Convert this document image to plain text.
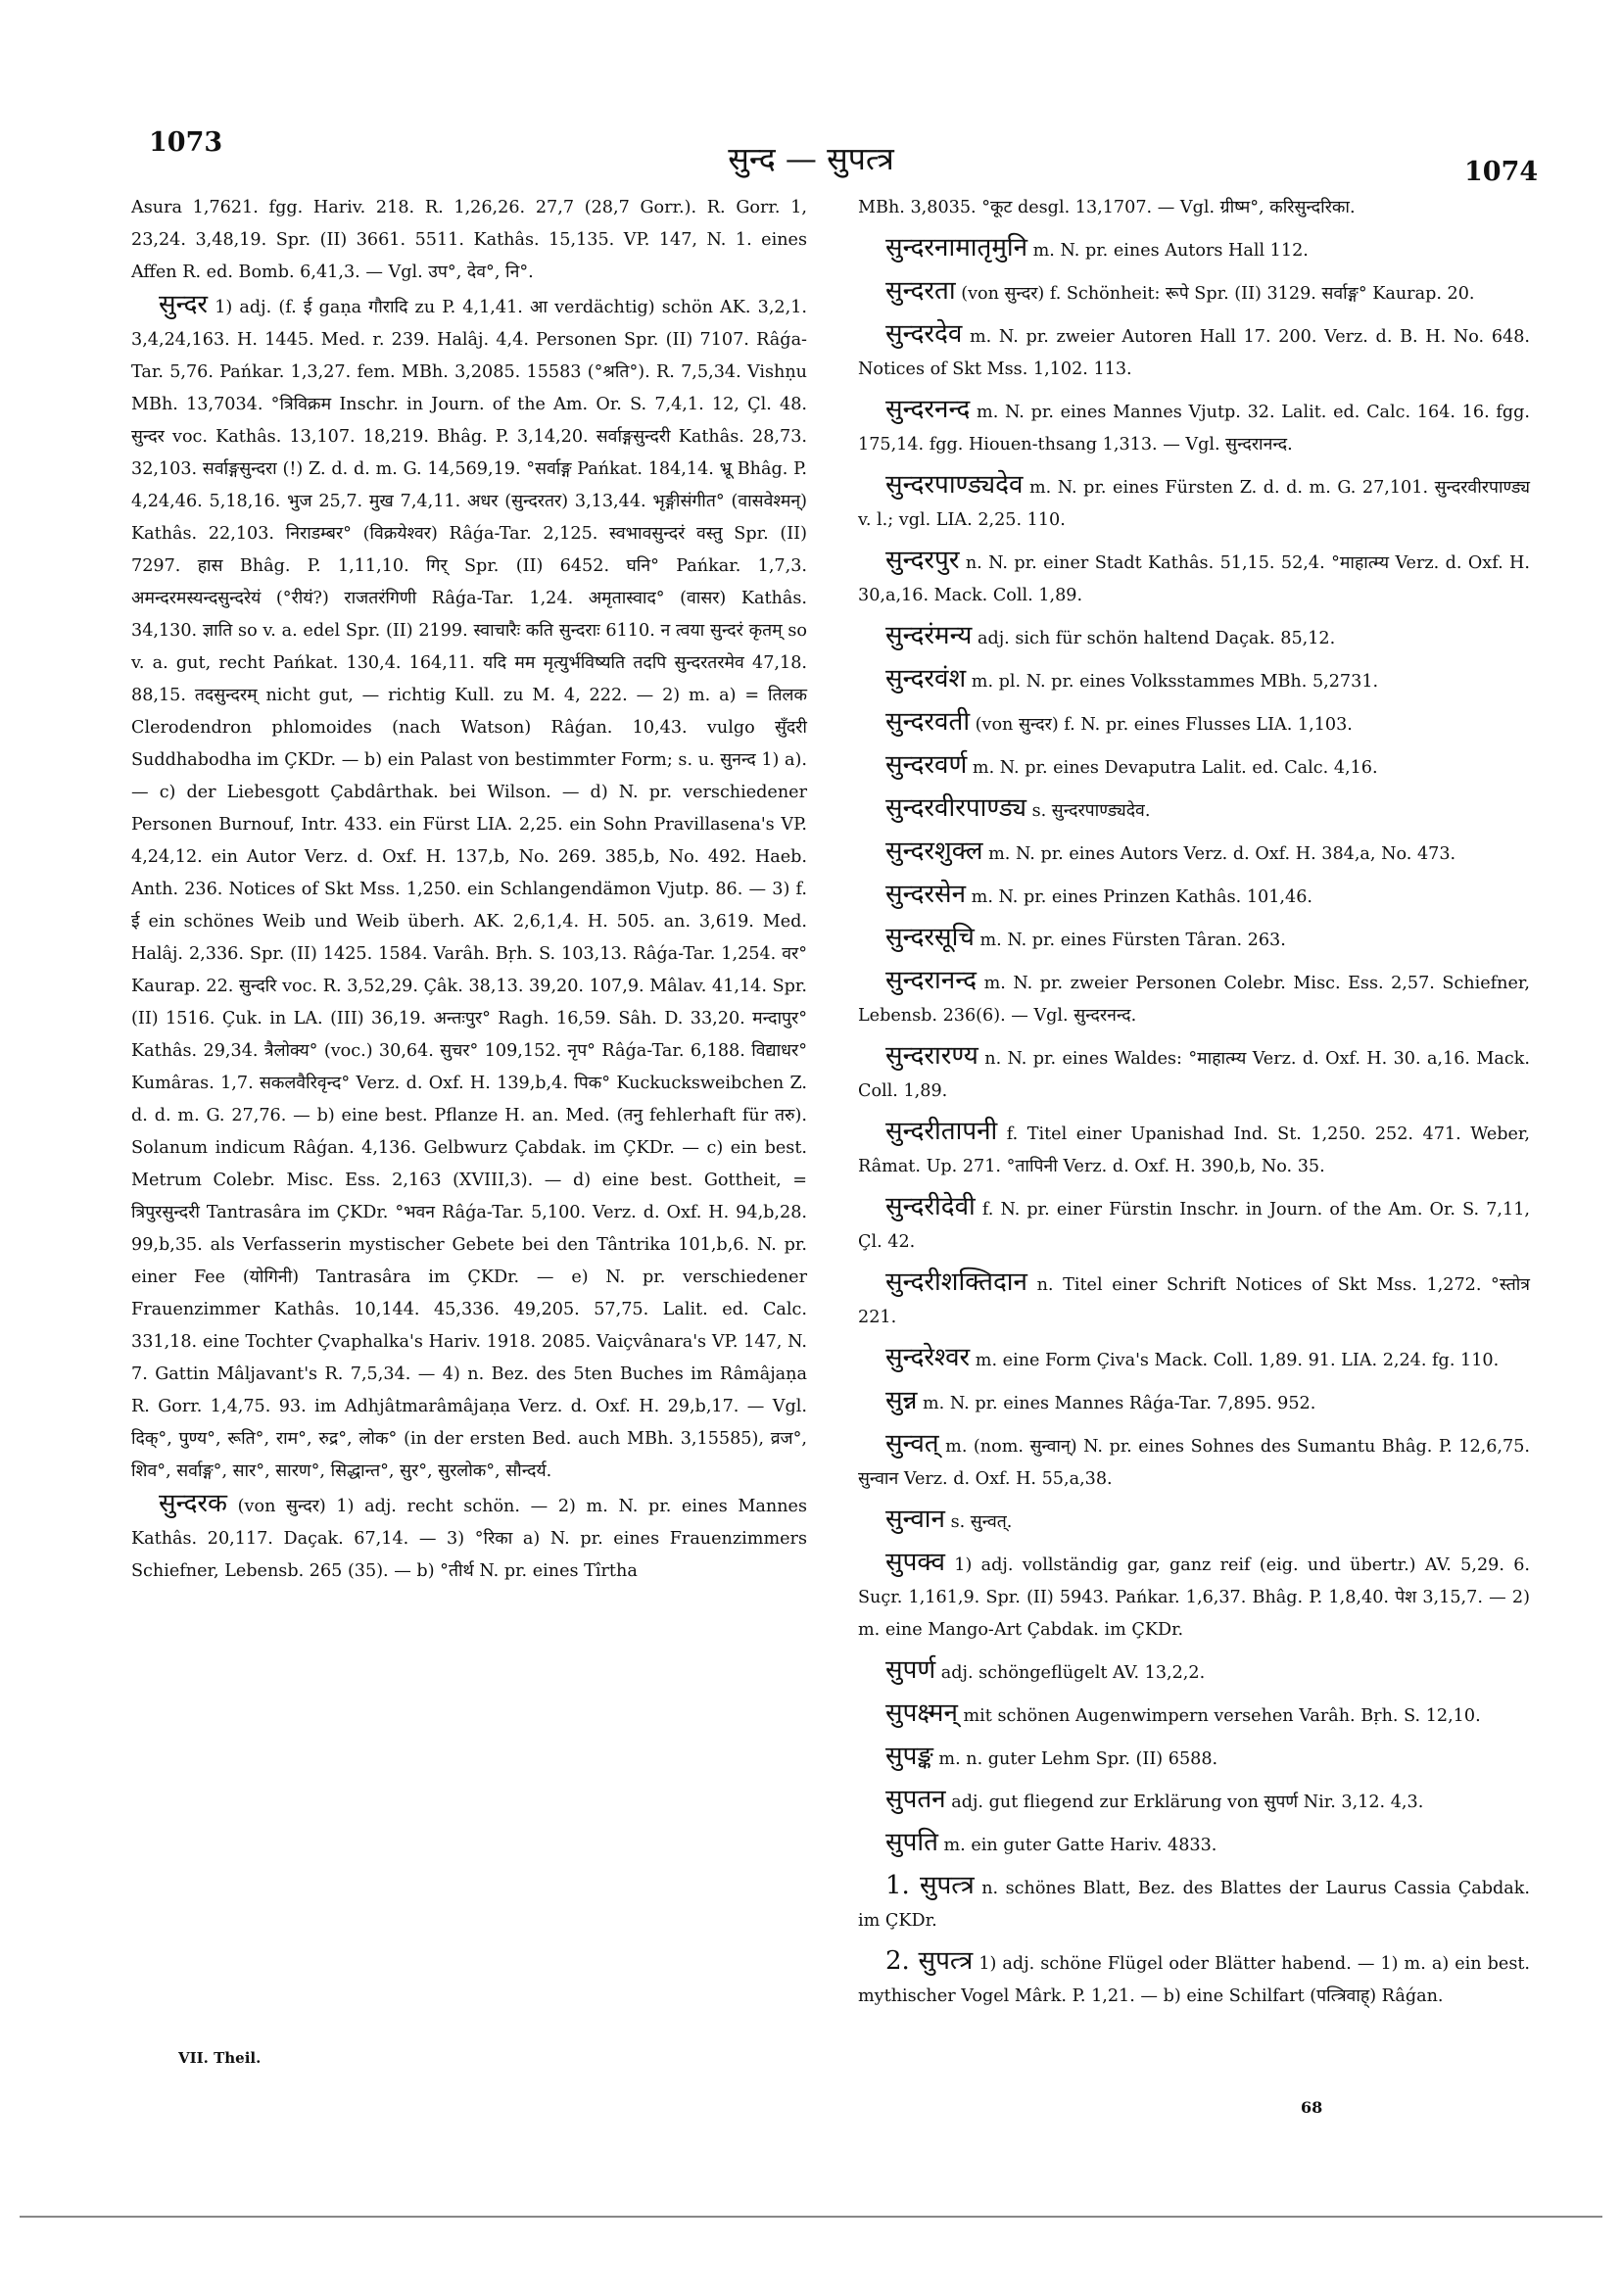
1073	सुन्द — सुपत्त्र	1074

Asura 1,7621. fgg. Hariv. 218. R. 1,26,26. 27,7 (28,7 Gorr.). R. Gorr. 1, 23,24. 3,48,19. Spr. (II) 3661. 5511. Kathâs. 15,135. VP. 147, N. 1. eines Affen R. ed. Bomb. 6,41,3. — Vgl. उप°, देव°, नि°.

सुन्दर 1) adj. (f. ई gaṇa गौरादि zu P. 4,1,41. आ verdächtig) schön AK. 3,2,1. 3,4,24,163. H. 1445. Med. r. 239. Halâj. 4,4. Personen Spr. (II) 7107. Râǵa-Tar. 5,76. Pańkar. 1,3,27. fem. MBh. 3,2085. 15583 (°श्रति°). R. 7,5,34. Vishṇu MBh. 13,7034. °त्रिविक्रम Inschr. in Journ. of the Am. Or. S. 7,4,1. 12, Çl. 48. सुन्दर voc. Kathâs. 13,107. 18,219. Bhâg. P. 3,14,20. सर्वाङ्गसुन्दरी Kathâs. 28,73. 32,103. सर्वाङ्गसुन्दरा (!) Z. d. d. m. G. 14,569,19. °सर्वाङ्ग Pańkat. 184,14. भ्रू Bhâg. P. 4,24,46. 5,18,16. भुज 25,7. मुख 7,4,11. अधर (सुन्दरतर) 3,13,44. भृङ्गीसंगीत° (वासवेश्मन्) Kathâs. 22,103. निराडम्बर° (विक्रयेश्वर) Râǵa-Tar. 2,125. स्वभावसुन्दरं वस्तु Spr. (II) 7297. हास Bhâg. P. 1,11,10. गिर् Spr. (II) 6452. घनि° Pańkar. 1,7,3. अमन्दरमस्यन्दसुन्दरेयं (°रीयं?) राजतरंगिणी Râǵa-Tar. 1,24. अमृतास्वाद° (वासर) Kathâs. 34,130. ज्ञाति so v. a. edel Spr. (II) 2199. स्वाचारैः कति सुन्दराः 6110. न त्वया सुन्दरं कृतम् so v. a. gut, recht Pańkat. 130,4. 164,11. यदि मम मृत्युर्भविष्यति तदपि सुन्दरतरमेव 47,18. 88,15. तदसुन्दरम् nicht gut, — richtig Kull. zu M. 4, 222. — 2) m. a) = तिलक Clerodendron phlomoides (nach Watson) Râǵan. 10,43. vulgo सुँदरी Suddhabodha im ÇKDr. — b) ein Palast von bestimmter Form; s. u. सुनन्द 1) a). — c) der Liebesgott Çabdârthak. bei Wilson. — d) N. pr. verschiedener Personen Burnouf, Intr. 433. ein Fürst LIA. 2,25. ein Sohn Pravillasena's VP. 4,24,12. ein Autor Verz. d. Oxf. H. 137,b, No. 269. 385,b, No. 492. Haeb. Anth. 236. Notices of Skt Mss. 1,250. ein Schlangendämon Vjutp. 86. — 3) f. ई ein schönes Weib und Weib überh. AK. 2,6,1,4. H. 505. an. 3,619. Med. Halâj. 2,336. Spr. (II) 1425. 1584. Varâh. Bṛh. S. 103,13. Râǵa-Tar. 1,254. वर° Kaurap. 22. सुन्दरि voc. R. 3,52,29. Çâk. 38,13. 39,20. 107,9. Mâlav. 41,14. Spr. (II) 1516. Çuk. in LA. (III) 36,19. अन्तःपुर° Ragh. 16,59. Sâh. D. 33,20. मन्दापुर° Kathâs. 29,34. त्रैलोक्य° (voc.) 30,64. सुचर° 109,152. नृप° Râǵa-Tar. 6,188. विद्याधर° Kumâras. 1,7. सकलवैरिवृन्द° Verz. d. Oxf. H. 139,b,4. पिक° Kuckucksweibchen Z. d. d. m. G. 27,76. — b) eine best. Pflanze H. an. Med. (तनु fehlerhaft für तरु). Solanum indicum Râǵan. 4,136. Gelbwurz Çabdak. im ÇKDr. — c) ein best. Metrum Colebr. Misc. Ess. 2,163 (XVIII,3). — d) eine best. Gottheit, = त्रिपुरसुन्दरी Tantrasâra im ÇKDr. °भवन Râǵa-Tar. 5,100. Verz. d. Oxf. H. 94,b,28. 99,b,35. als Verfasserin mystischer Gebete bei den Tântrika 101,b,6. N. pr. einer Fee (योगिनी) Tantrasâra im ÇKDr. — e) N. pr. verschiedener Frauenzimmer Kathâs. 10,144. 45,336. 49,205. 57,75. Lalit. ed. Calc. 331,18. eine Tochter Çvaphalka's Hariv. 1918. 2085. Vaiçvânara's VP. 147, N. 7. Gattin Mâljavant's R. 7,5,34. — 4) n. Bez. des 5ten Buches im Râmâjaṇa R. Gorr. 1,4,75. 93. im Adhjâtmarâmâjaṇa Verz. d. Oxf. H. 29,b,17. — Vgl. दिक्°, पुण्य°, रूति°, राम°, रुद्र°, लोक° (in der ersten Bed. auch MBh. 3,15585), व्रज°, शिव°, सर्वाङ्ग°, सार°, सारण°, सिद्धान्त°, सुर°, सुरलोक°, सौन्दर्य.

सुन्दरक (von सुन्दर) 1) adj. recht schön. — 2) m. N. pr. eines Mannes Kathâs. 20,117. Daçak. 67,14. — 3) °रिका a) N. pr. eines Frauenzimmers Schiefner, Lebensb. 265 (35). — b) °तीर्थ N. pr. eines Tîrtha

MBh. 3,8035. °कूट desgl. 13,1707. — Vgl. ग्रीष्म°, करिसुन्दरिका.

सुन्दरनामातृमुनि m. N. pr. eines Autors Hall 112.

सुन्दरता (von सुन्दर) f. Schönheit: रूपे Spr. (II) 3129. सर्वाङ्ग° Kaurap. 20.

सुन्दरदेव m. N. pr. zweier Autoren Hall 17. 200. Verz. d. B. H. No. 648. Notices of Skt Mss. 1,102. 113.

सुन्दरनन्द m. N. pr. eines Mannes Vjutp. 32. Lalit. ed. Calc. 164. 16. fgg. 175,14. fgg. Hiouen-thsang 1,313. — Vgl. सुन्दरानन्द.

सुन्दरपाण्ड्यदेव m. N. pr. eines Fürsten Z. d. d. m. G. 27,101. सुन्दरवीरपाण्ड्य v. l.; vgl. LIA. 2,25. 110.

सुन्दरपुर n. N. pr. einer Stadt Kathâs. 51,15. 52,4. °माहात्म्य Verz. d. Oxf. H. 30,a,16. Mack. Coll. 1,89.

सुन्दरंमन्य adj. sich für schön haltend Daçak. 85,12.

सुन्दरवंश m. pl. N. pr. eines Volksstammes MBh. 5,2731.

सुन्दरवती (von सुन्दर) f. N. pr. eines Flusses LIA. 1,103.

सुन्दरवर्ण m. N. pr. eines Devaputra Lalit. ed. Calc. 4,16.

सुन्दरवीरपाण्ड्य s. सुन्दरपाण्ड्यदेव.

सुन्दरशुक्ल m. N. pr. eines Autors Verz. d. Oxf. H. 384,a, No. 473.

सुन्दरसेन m. N. pr. eines Prinzen Kathâs. 101,46.

सुन्दरसूचि m. N. pr. eines Fürsten Târan. 263.

सुन्दरानन्द m. N. pr. zweier Personen Colebr. Misc. Ess. 2,57. Schiefner, Lebensb. 236(6). — Vgl. सुन्दरनन्द.

सुन्दरारण्य n. N. pr. eines Waldes: °माहात्म्य Verz. d. Oxf. H. 30. a,16. Mack. Coll. 1,89.

सुन्दरीतापनी f. Titel einer Upanishad Ind. St. 1,250. 252. 471. Weber, Râmat. Up. 271. °तापिनी Verz. d. Oxf. H. 390,b, No. 35.

सुन्दरीदेवी f. N. pr. einer Fürstin Inschr. in Journ. of the Am. Or. S. 7,11, Çl. 42.

सुन्दरीशक्तिदान n. Titel einer Schrift Notices of Skt Mss. 1,272. °स्तोत्र 221.

सुन्दरेश्वर m. eine Form Çiva's Mack. Coll. 1,89. 91. LIA. 2,24. fg. 110.

सुन्न m. N. pr. eines Mannes Râǵa-Tar. 7,895. 952.

सुन्वत् m. (nom. सुन्वान्) N. pr. eines Sohnes des Sumantu Bhâg. P. 12,6,75. सुन्वान Verz. d. Oxf. H. 55,a,38.

सुन्वान s. सुन्वत्.

सुपक्व 1) adj. vollständig gar, ganz reif (eig. und übertr.) AV. 5,29. 6. Suçr. 1,161,9. Spr. (II) 5943. Pańkar. 1,6,37. Bhâg. P. 1,8,40. पेश 3,15,7. — 2) m. eine Mango-Art Çabdak. im ÇKDr.

सुपर्ण adj. schöngeflügelt AV. 13,2,2.

सुपक्ष्मन् mit schönen Augenwimpern versehen Varâh. Bṛh. S. 12,10.

सुपङ्क m. n. guter Lehm Spr. (II) 6588.

सुपतन adj. gut fliegend zur Erklärung von सुपर्ण Nir. 3,12. 4,3.

सुपति m. ein guter Gatte Hariv. 4833.

1. सुपत्त्र n. schönes Blatt, Bez. des Blattes der Laurus Cassia Çabdak. im ÇKDr.

2. सुपत्त्र 1) adj. schöne Flügel oder Blätter habend. — 1) m. a) ein best. mythischer Vogel Mârk. P. 1,21. — b) eine Schilfart (पत्त्रिवाह्) Râǵan.

VII. Theil.
68
